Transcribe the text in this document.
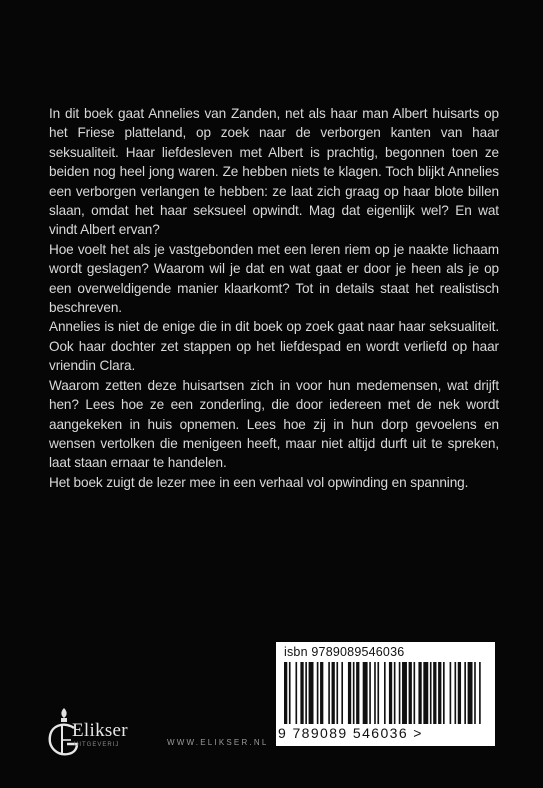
In dit boek gaat Annelies van Zanden, net als haar man Albert huisarts op het Friese platteland, op zoek naar de verborgen kanten van haar seksualiteit. Haar liefdesleven met Albert is prachtig, begonnen toen ze beiden nog heel jong waren. Ze hebben niets te klagen. Toch blijkt Annelies een verborgen verlangen te hebben: ze laat zich graag op haar blote billen slaan, omdat het haar seksueel opwindt. Mag dat eigenlijk wel? En wat vindt Albert ervan?

Hoe voelt het als je vastgebonden met een leren riem op je naakte lichaam wordt geslagen? Waarom wil je dat en wat gaat er door je heen als je op een overweldigende manier klaarkomt? Tot in details staat het realistisch beschreven.

Annelies is niet de enige die in dit boek op zoek gaat naar haar seksualiteit. Ook haar dochter zet stappen op het liefdespad en wordt verliefd op haar vriendin Clara.

Waarom zetten deze huisartsen zich in voor hun medemensen, wat drijft hen? Lees hoe ze een zonderling, die door iedereen met de nek wordt aangekeken in huis opnemen. Lees hoe zij in hun dorp gevoelens en wensen vertolken die menigeen heeft, maar niet altijd durft uit te spreken, laat staan ernaar te handelen.

Het boek zuigt de lezer mee in een verhaal vol opwinding en spanning.

Elikser
UITGEVERIJ	WWW.ELIKSER.NL
isbn 9789089546036
9 789089 546036 >
